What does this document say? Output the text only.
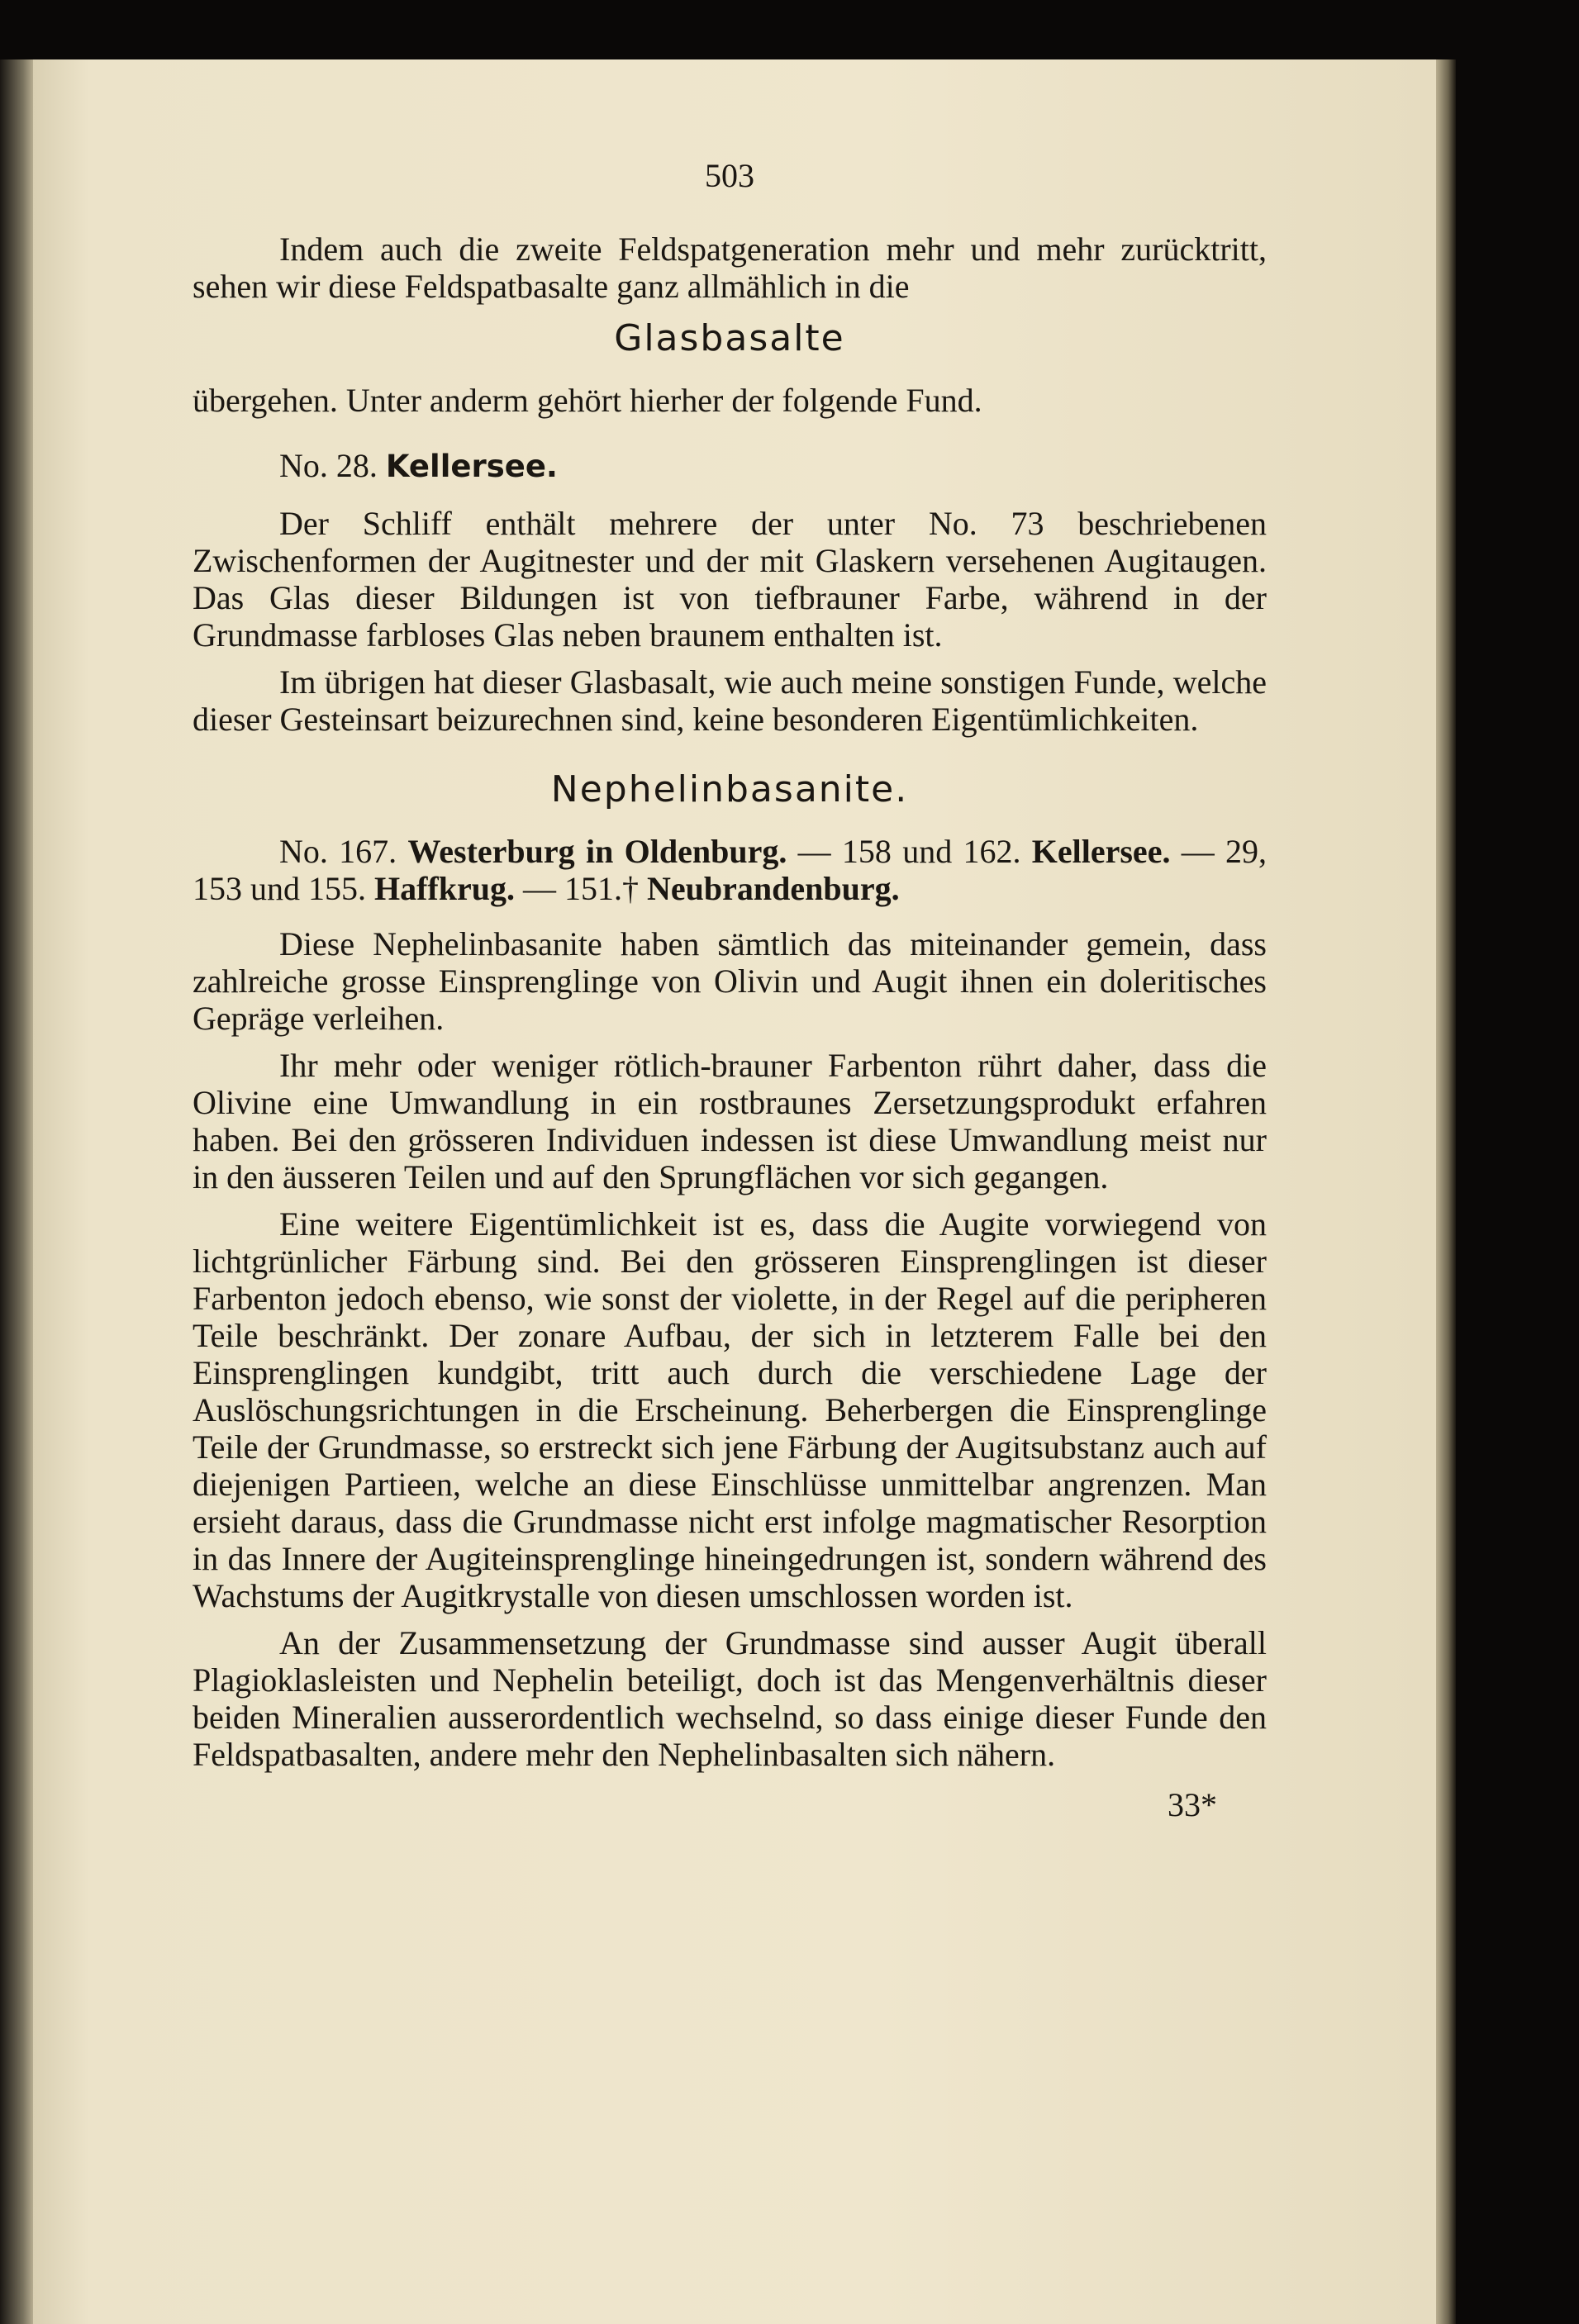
503

Indem auch die zweite Feldspatgeneration mehr und mehr zurücktritt, sehen wir diese Feldspatbasalte ganz allmählich in die

Glasbasalte

übergehen. Unter anderm gehört hierher der folgende Fund.

No. 28. Kellersee.

Der Schliff enthält mehrere der unter No. 73 beschriebenen Zwischenformen der Augitnester und der mit Glaskern versehenen Augitaugen. Das Glas dieser Bildungen ist von tiefbrauner Farbe, während in der Grundmasse farbloses Glas neben braunem enthalten ist.

Im übrigen hat dieser Glasbasalt, wie auch meine sonstigen Funde, welche dieser Gesteinsart beizurechnen sind, keine besonderen Eigentümlichkeiten.

Nephelinbasanite.

No. 167. Westerburg in Oldenburg. — 158 und 162. Kellersee. — 29, 153 und 155. Haffkrug. — 151.† Neubrandenburg.

Diese Nephelinbasanite haben sämtlich das miteinander gemein, dass zahlreiche grosse Einsprenglinge von Olivin und Augit ihnen ein doleritisches Gepräge verleihen.

Ihr mehr oder weniger rötlich-brauner Farbenton rührt daher, dass die Olivine eine Umwandlung in ein rostbraunes Zersetzungsprodukt erfahren haben. Bei den grösseren Individuen indessen ist diese Umwandlung meist nur in den äusseren Teilen und auf den Sprungflächen vor sich gegangen.

Eine weitere Eigentümlichkeit ist es, dass die Augite vorwiegend von lichtgrünlicher Färbung sind. Bei den grösseren Einsprenglingen ist dieser Farbenton jedoch ebenso, wie sonst der violette, in der Regel auf die peripheren Teile beschränkt. Der zonare Aufbau, der sich in letzterem Falle bei den Einsprenglingen kundgibt, tritt auch durch die verschiedene Lage der Auslöschungsrichtungen in die Erscheinung. Beherbergen die Einsprenglinge Teile der Grundmasse, so erstreckt sich jene Färbung der Augitsubstanz auch auf diejenigen Partieen, welche an diese Einschlüsse unmittelbar angrenzen. Man ersieht daraus, dass die Grundmasse nicht erst infolge magmatischer Resorption in das Innere der Augiteinsprenglinge hineingedrungen ist, sondern während des Wachstums der Augitkrystalle von diesen umschlossen worden ist.

An der Zusammensetzung der Grundmasse sind ausser Augit überall Plagioklasleisten und Nephelin beteiligt, doch ist das Mengenverhältnis dieser beiden Mineralien ausserordentlich wechselnd, so dass einige dieser Funde den Feldspatbasalten, andere mehr den Nephelinbasalten sich nähern.

33*
